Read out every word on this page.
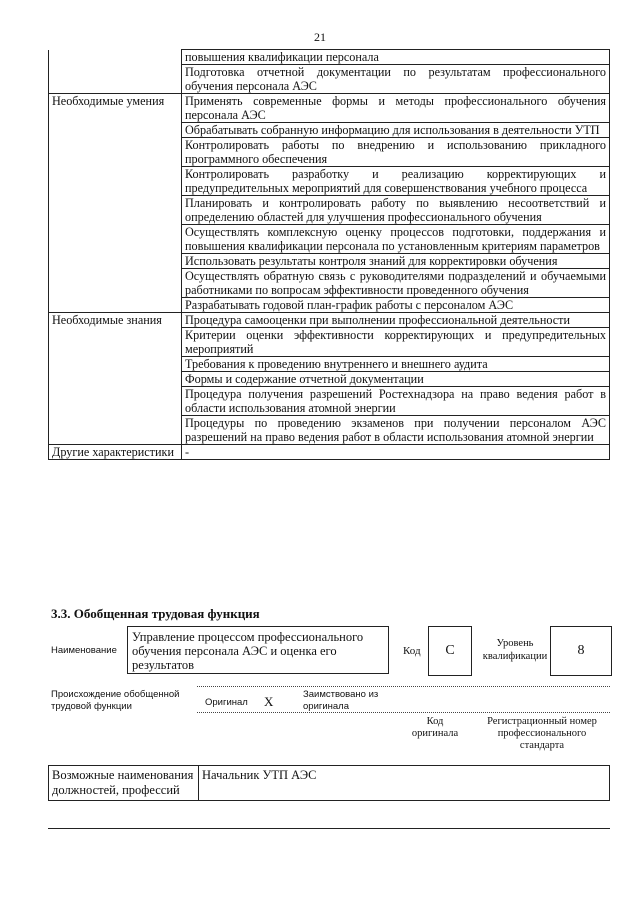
21
	повышения квалификации персонала
	Подготовка отчетной документации по результатам профессионального обучения персонала АЭС
Необходимые умения	Применять современные формы и методы профессионального обучения персонала АЭС
	Обрабатывать собранную информацию для использования в деятельности УТП
	Контролировать работы по внедрению и использованию прикладного программного обеспечения
	Контролировать разработку и реализацию корректирующих и предупредительных мероприятий для совершенствования учебного процесса
	Планировать и контролировать работу по выявлению несоответствий и определению областей для улучшения профессионального обучения
	Осуществлять комплексную оценку процессов подготовки, поддержания и повышения квалификации персонала по установленным критериям параметров
	Использовать результаты контроля знаний для корректировки обучения
	Осуществлять обратную связь с руководителями подразделений и обучаемыми работниками по вопросам эффективности проведенного обучения
	Разрабатывать годовой план-график работы с персоналом АЭС
Необходимые знания	Процедура самооценки при выполнении профессиональной деятельности
	Критерии оценки эффективности корректирующих и предупредительных мероприятий
	Требования к проведению внутреннего и внешнего аудита
	Формы и содержание отчетной документации
	Процедура получения разрешений Ростехнадзора на право ведения работ в области использования атомной энергии
	Процедуры по проведению экзаменов при получении персоналом АЭС разрешений на право ведения работ в области использования атомной энергии
Другие характеристики	-
3.3. Обобщенная трудовая функция
Наименование
Управление процессом профессионального обучения персонала АЭС и оценка его результатов
Код	C	Уровень
квалификации	8
Происхождение обобщенной
трудовой функции	Оригинал X	Заимствовано из
оригинала
Код
оригинала
Регистрационный номер
профессионального
стандарта
Возможные наименования должностей, профессий	Начальник УТП АЭС
